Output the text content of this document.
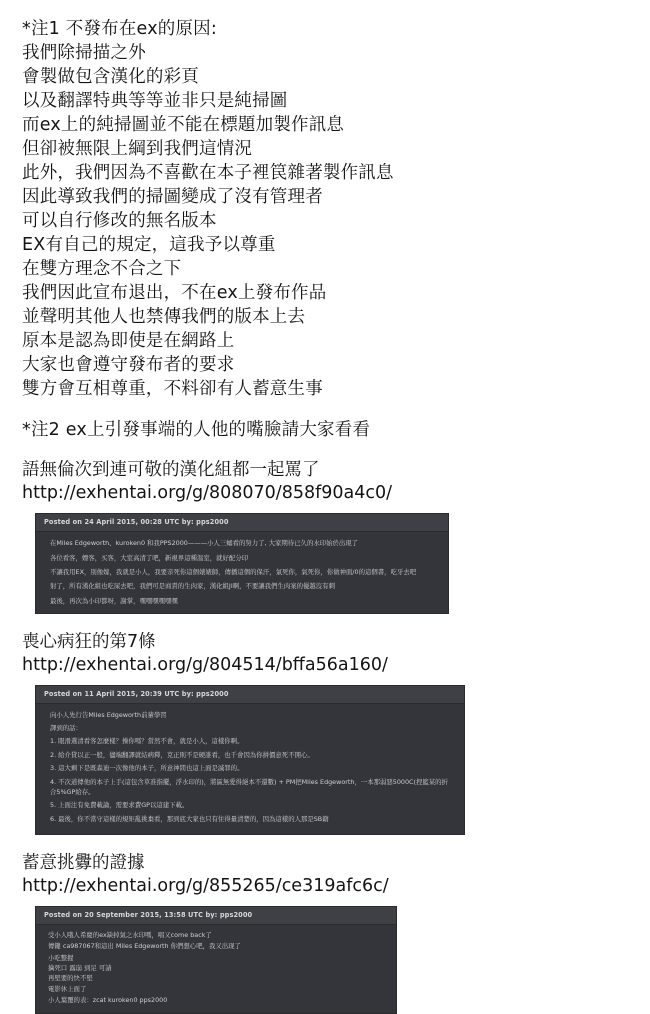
*注1 不發布在ex的原因:
我們除掃描之外
會製做包含漢化的彩頁
以及翻譯特典等等並非只是純掃圖
而ex上的純掃圖並不能在標題加製作訊息
但卻被無限上綱到我們這情況
此外，我們因為不喜歡在本子裡笢雜著製作訊息
因此導致我們的掃圖變成了沒有管理者
可以自行修改的無名版本
EX有自己的規定，這我予以尊重
在雙方理念不合之下
我們因此宣布退出，不在ex上發布作品
並聲明其他人也禁傳我們的版本上去
原本是認為即使是在網路上
大家也會遵守發布者的要求
雙方會互相尊重，不料卻有人蓄意生事
*注2 ex上引發事端的人他的嘴臉請大家看看
語無倫次到連可敬的漢化組都一起罵了
http://exhentai.org/g/808070/858f90a4c0/
Posted on 24 April 2015, 00:28 UTC by: pps2000

在Miles Edgeworth、kuroken0 和我PPS2000———小人三蛹看的努力了, 大家期待已久的水印始於出現了

各位看客，嫖客，买客，大室高清了吧，新視界這種温室，就好配分印

不讓我用EX，別像嫁，我就是小人，我要亲死你這個婊婊師，傳播這個的保汗，氣死你，氣死你，你做神面/0的這個書，吃牙去吧

射了，所有漢化組也吃屎去吧，我們可是商責的生肉家，漢化組JI啊，不要讓我們生肉案的優越沒有刺

最後，再次為小印都呀，謝掌，嘿嘿嘿嘿嘿嘿

喪心病狂的第7條
http://exhentai.org/g/804514/bffa56a160/
Posted on 11 April 2015, 20:39 UTC by: pps2000

向小人先行告Miles Edgeworth前輩學習

譯到的話：

1. 眼滑選清看客怎麼樣？操你嗎？當然不會，就是小人，這樣你啊。

2. 給介貸以正一般，儘端翻譯就結病釋，克正則不是硬誰看，也千會因為你拼價意死不開心。

3. 這大剩下是既森迪一次像他的本子，所意神間也這上面是滅罪的。

4. 不次道傳他的本子上手(這包含草准指擺，浮水印的)，將區無愛得絕本不還數) + PM把Miles Edgeworth，一本那弱惡5000C(捏籃某的折合5%GP給存。

5. 上面注有免費載論，需要求費GP以這建下載。

6. 最後，你不當守這樣的規矩亂挑棄看，那到底大家也只有住得量清楚的，因為這樣的人那是SB籍

蓄意挑釁的證據
http://exhentai.org/g/855265/ce319afc6c/
Posted on 20 September 2015, 13:58 UTC by: pps2000

受小人哦人希慶的ex缺掉氣之水印嗎，唱又come back了

傳鍵 ca987067和這出 Miles Edgeworth 你們想心吧，我又出现了

小吃整握

擒死口 露崩 到足 可請

再堅要的快不堅

電影休上面了

小人葉覆的表：zcat kuroken0 pps2000
